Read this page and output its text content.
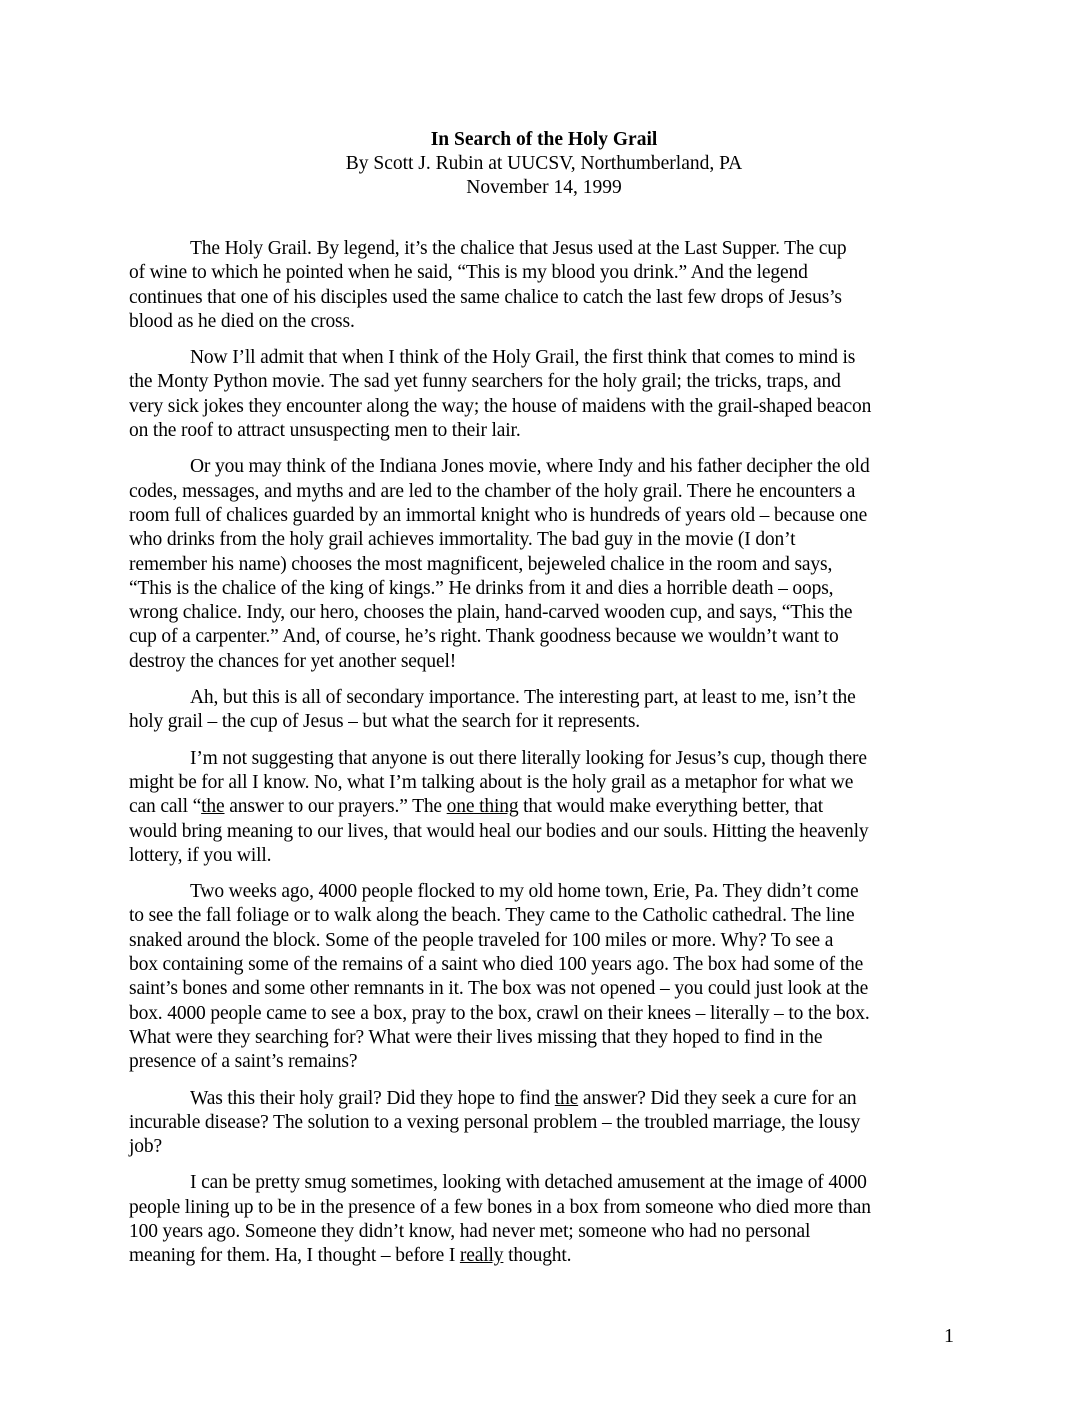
In Search of the Holy Grail
By Scott J. Rubin at UUCSV, Northumberland, PA
November 14, 1999
The Holy Grail. By legend, it’s the chalice that Jesus used at the Last Supper. The cup
of wine to which he pointed when he said, “This is my blood you drink.” And the legend
continues that one of his disciples used the same chalice to catch the last few drops of Jesus’s
blood as he died on the cross.
Now I’ll admit that when I think of the Holy Grail, the first think that comes to mind is
the Monty Python movie. The sad yet funny searchers for the holy grail; the tricks, traps, and
very sick jokes they encounter along the way; the house of maidens with the grail-shaped beacon
on the roof to attract unsuspecting men to their lair.
Or you may think of the Indiana Jones movie, where Indy and his father decipher the old
codes, messages, and myths and are led to the chamber of the holy grail. There he encounters a
room full of chalices guarded by an immortal knight who is hundreds of years old – because one
who drinks from the holy grail achieves immortality. The bad guy in the movie (I don’t
remember his name) chooses the most magnificent, bejeweled chalice in the room and says,
“This is the chalice of the king of kings.” He drinks from it and dies a horrible death – oops,
wrong chalice. Indy, our hero, chooses the plain, hand-carved wooden cup, and says, “This the
cup of a carpenter.” And, of course, he’s right. Thank goodness because we wouldn’t want to
destroy the chances for yet another sequel!
Ah, but this is all of secondary importance. The interesting part, at least to me, isn’t the
holy grail – the cup of Jesus – but what the search for it represents.
I’m not suggesting that anyone is out there literally looking for Jesus’s cup, though there
might be for all I know. No, what I’m talking about is the holy grail as a metaphor for what we
can call “the answer to our prayers.” The one thing that would make everything better, that
would bring meaning to our lives, that would heal our bodies and our souls. Hitting the heavenly
lottery, if you will.
Two weeks ago, 4000 people flocked to my old home town, Erie, Pa. They didn’t come
to see the fall foliage or to walk along the beach. They came to the Catholic cathedral. The line
snaked around the block. Some of the people traveled for 100 miles or more. Why? To see a
box containing some of the remains of a saint who died 100 years ago. The box had some of the
saint’s bones and some other remnants in it. The box was not opened – you could just look at the
box. 4000 people came to see a box, pray to the box, crawl on their knees – literally – to the box.
What were they searching for? What were their lives missing that they hoped to find in the
presence of a saint’s remains?
Was this their holy grail? Did they hope to find the answer? Did they seek a cure for an
incurable disease? The solution to a vexing personal problem – the troubled marriage, the lousy
job?
I can be pretty smug sometimes, looking with detached amusement at the image of 4000
people lining up to be in the presence of a few bones in a box from someone who died more than
100 years ago. Someone they didn’t know, had never met; someone who had no personal
meaning for them. Ha, I thought – before I really thought.
1
